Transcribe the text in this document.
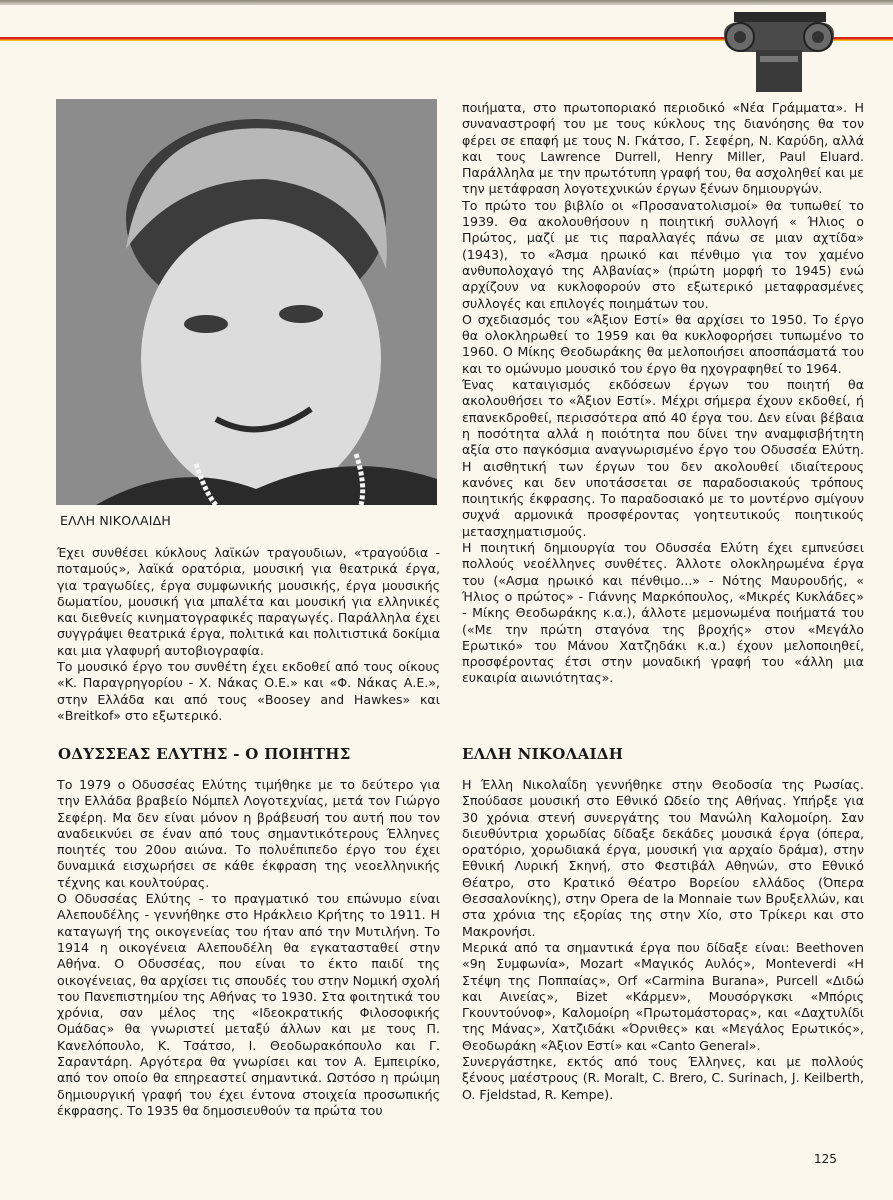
ΕΛΛΗ ΝΙΚΟΛΑΙΔΗ

Έχει συνθέσει κύκλους λαϊκών τραγουδιων, «τραγούδια - ποταμούς», λαϊκά ορατόρια, μουσική για θεατρικά έργα, για τραγωδίες, έργα συμφωνικής μουσικής, έργα μουσικής δωματίου, μουσική για μπαλέτα και μουσική για ελληνικές και διεθνείς κινηματογραφικές παραγωγές. Παράλληλα έχει συγγράψει θεατρικά έργα, πολιτικά και πολιτιστικά δοκίμια και μια γλαφυρή αυτοβιογραφία.

Το μουσικό έργο του συνθέτη έχει εκδοθεί από τους οίκους «Κ. Παραγρηγορίου - Χ. Νάκας Ο.Ε.» και «Φ. Νάκας Α.Ε.», στην Ελλάδα και από τους «Boosey and Hawkes» και «Breitkof» στο εξωτερικό.

ΟΔΥΣΣΕΑΣ ΕΛΥΤΗΣ - Ο ΠΟΙΗΤΗΣ

Το 1979 ο Οδυσσέας Ελύτης τιμήθηκε με το δεύτερο για την Ελλάδα βραβείο Νόμπελ Λογοτεχνίας, μετά τον Γιώργο Σεφέρη. Μα δεν είναι μόνον η βράβευσή του αυτή που τον αναδεικνύει σε έναν από τους σημαντικότερους Έλληνες ποιητές του 20ου αιώνα. Το πολυέπιπεδο έργο του έχει δυναμικά εισχωρήσει σε κάθε έκφραση της νεοελληνικής τέχνης και κουλτούρας.

Ο Οδυσσέας Ελύτης - το πραγματικό του επώνυμο είναι Αλεπουδέλης - γεννήθηκε στο Ηράκλειο Κρήτης το 1911. Η καταγωγή της οικογενείας του ήταν από την Μυτιλήνη. Το 1914 η οικογένεια Αλεπουδέλη θα εγκατασταθεί στην Αθήνα. Ο Οδυσσέας, που είναι το έκτο παιδί της οικογένειας, θα αρχίσει τις σπουδές του στην Νομική σχολή του Πανεπιστημίου της Αθήνας το 1930. Στα φοιτητικά του χρόνια, σαν μέλος της «Ιδεοκρατικής Φιλοσοφικής Ομάδας» θα γνωριστεί μεταξύ άλλων και με τους Π. Κανελόπουλο, Κ. Τσάτσο, Ι. Θεοδωρακόπουλο και Γ. Σαραντάρη. Αργότερα θα γνωρίσει και τον Α. Εμπειρίκο, από τον οποίο θα επηρεαστεί σημαντικά. Ωστόσο η πρώιμη δημιουργική γραφή του έχει έντονα στοιχεία προσωπικής έκφρασης. Το 1935 θα δημοσιευθούν τα πρώτα του

ποιήματα, στο πρωτοποριακό περιοδικό «Νέα Γράμματα». Η συναναστροφή του με τους κύκλους της διανόησης θα τον φέρει σε επαφή με τους Ν. Γκάτσο, Γ. Σεφέρη, Ν. Καρύδη, αλλά και τους Lawrence Durrell, Henry Miller, Paul Eluard. Παράλληλα με την πρωτότυπη γραφή του, θα ασχοληθεί και με την μετάφραση λογοτεχνικών έργων ξένων δημιουργών.

Το πρώτο του βιβλίο οι «Προσανατολισμοί» θα τυπωθεί το 1939. Θα ακολουθήσουν η ποιητική συλλογή « Ήλιος ο Πρώτος, μαζί με τις παραλλαγές πάνω σε μιαν αχτίδα» (1943), το «Άσμα ηρωικό και πένθιμο για τον χαμένο ανθυπολοχαγό της Αλβανίας» (πρώτη μορφή το 1945) ενώ αρχίζουν να κυκλοφορούν στο εξωτερικό μεταφρασμένες συλλογές και επιλογές ποιημάτων του.

Ο σχεδιασμός του «Άξιον Εστί» θα αρχίσει το 1950. Το έργο θα ολοκληρωθεί το 1959 και θα κυκλοφορήσει τυπωμένο το 1960. Ο Μίκης Θεοδωράκης θα μελοποιήσει αποσπάσματά του και το ομώνυμο μουσικό του έργο θα ηχογραφηθεί το 1964.

Ένας καταιγισμός εκδόσεων έργων του ποιητή θα ακολουθήσει το «Άξιον Εστί». Μέχρι σήμερα έχουν εκδοθεί, ή επανεκδροθεί, περισσότερα από 40 έργα του. Δεν είναι βέβαια η ποσότητα αλλά η ποιότητα που δίνει την αναμφισβήτητη αξία στο παγκόσμια αναγνωρισμένο έργο του Οδυσσέα Ελύτη. Η αισθητική των έργων του δεν ακολουθεί ιδιαίτερους κανόνες και δεν υποτάσσεται σε παραδοσιακούς τρόπους ποιητικής έκφρασης. Το παραδοσιακό με το μοντέρνο σμίγουν συχνά αρμονικά προσφέροντας γοητευτικούς ποιητικούς μετασχηματισμούς.

Η ποιητική δημιουργία του Οδυσσέα Ελύτη έχει εμπνεύσει πολλούς νεοέλληνες συνθέτες. Άλλοτε ολοκληρωμένα έργα του («Ασμα ηρωικό και πένθιμο...» - Νότης Μαυρουδής, « Ήλιος ο πρώτος» - Γιάννης Μαρκόπουλος, «Μικρές Κυκλάδες» - Μίκης Θεοδωράκης κ.α.), άλλοτε μεμονωμένα ποιήματά του («Με την πρώτη σταγόνα της βροχής» στον «Μεγάλο Ερωτικό» του Μάνου Χατζηδάκι κ.α.) έχουν μελοποιηθεί, προσφέροντας έτσι στην μοναδική γραφή του «άλλη μια ευκαιρία αιωνιότητας».

ΕΛΛΗ ΝΙΚΟΛΑΙΔΗ

Η Έλλη Νικολαΐδη γεννήθηκε στην Θεοδοσία της Ρωσίας. Σπούδασε μουσική στο Εθνικό Ωδείο της Αθήνας. Υπήρξε για 30 χρόνια στενή συνεργάτης του Μανώλη Καλομοίρη. Σαν διευθύντρια χορωδίας δίδαξε δεκάδες μουσικά έργα (όπερα, ορατόριο, χορωδιακά έργα, μουσική για αρχαίο δράμα), στην Εθνική Λυρική Σκηνή, στο Φεστιβάλ Αθηνών, στο Εθνικό Θέατρο, στο Κρατικό Θέατρο Βορείου ελλάδος (Όπερα Θεσσαλονίκης), στην Opera de la Monnaie των Βρυξελλών, και στα χρόνια της εξορίας της στην Χίο, στο Τρίκερι και στο Μακρονήσι.

Μερικά από τα σημαντικά έργα που δίδαξε είναι: Beethoven «9η Συμφωνία», Mozart «Μαγικός Αυλός», Monteverdi «Η Στέψη της Ποππαίας», Orf «Carmina Burana», Purcell «Διδώ και Αινείας», Bizet «Κάρμεν», Μουσόργκσκι «Μπόρις Γκουντούνοφ», Καλομοίρη «Πρωτομάστορας», και «Δαχτυλίδι της Μάνας», Χατζιδάκι «Όρνιθες» και «Μεγάλος Ερωτικός», Θεοδωράκη «Άξιον Εστί» και «Canto General».

Συνεργάστηκε, εκτός από τους Έλληνες, και με πολλούς ξένους μαέστρους (R. Moralt, C. Brero, C. Surinach, J. Keilberth, O. Fjeldstad, R. Kempe).

125
